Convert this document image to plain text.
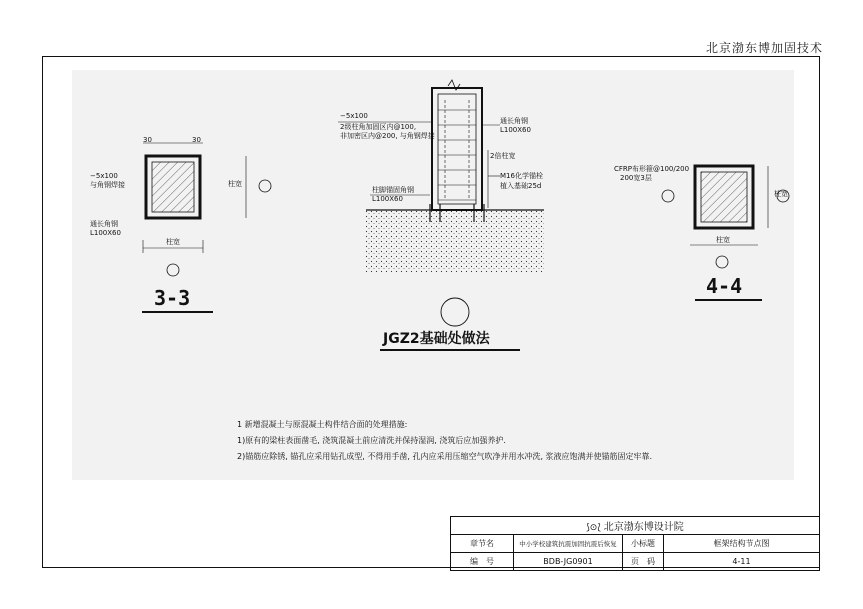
北京渤东博加固技术
30	30
−5x100
与角钢焊接
通长角钢
L100X60
柱宽
柱宽
3-3
−5x100
2级柱角加固区内@100,
非加密区内@200, 与角钢焊接
通长角钢
L100X60
M16化学锚栓
植入基础25d
柱脚锚固角钢
L100X60
2倍柱宽
JGZ2基础处做法
CFRP布形箍@100/200
200宽3层
柱宽
柱宽
4-4
1 新增混凝土与原混凝土构件结合面的处理措施:
1)原有的梁柱表面凿毛, 浇筑混凝土前应清洗并保持湿润, 浇筑后应加强养护.
2)锚筋应除锈, 锚孔应采用钻孔成型, 不得用手凿, 孔内应采用压缩空气吹净并用水冲洗, 浆液应饱满并使锚筋固定牢靠.
⟆⊙⟅ 北京渤东博设计院			
章节名	中小学校建筑抗震加固抗震后恢复	小标题	框架结构节点图
编　号	BDB-JG0901	页　码	4-11
